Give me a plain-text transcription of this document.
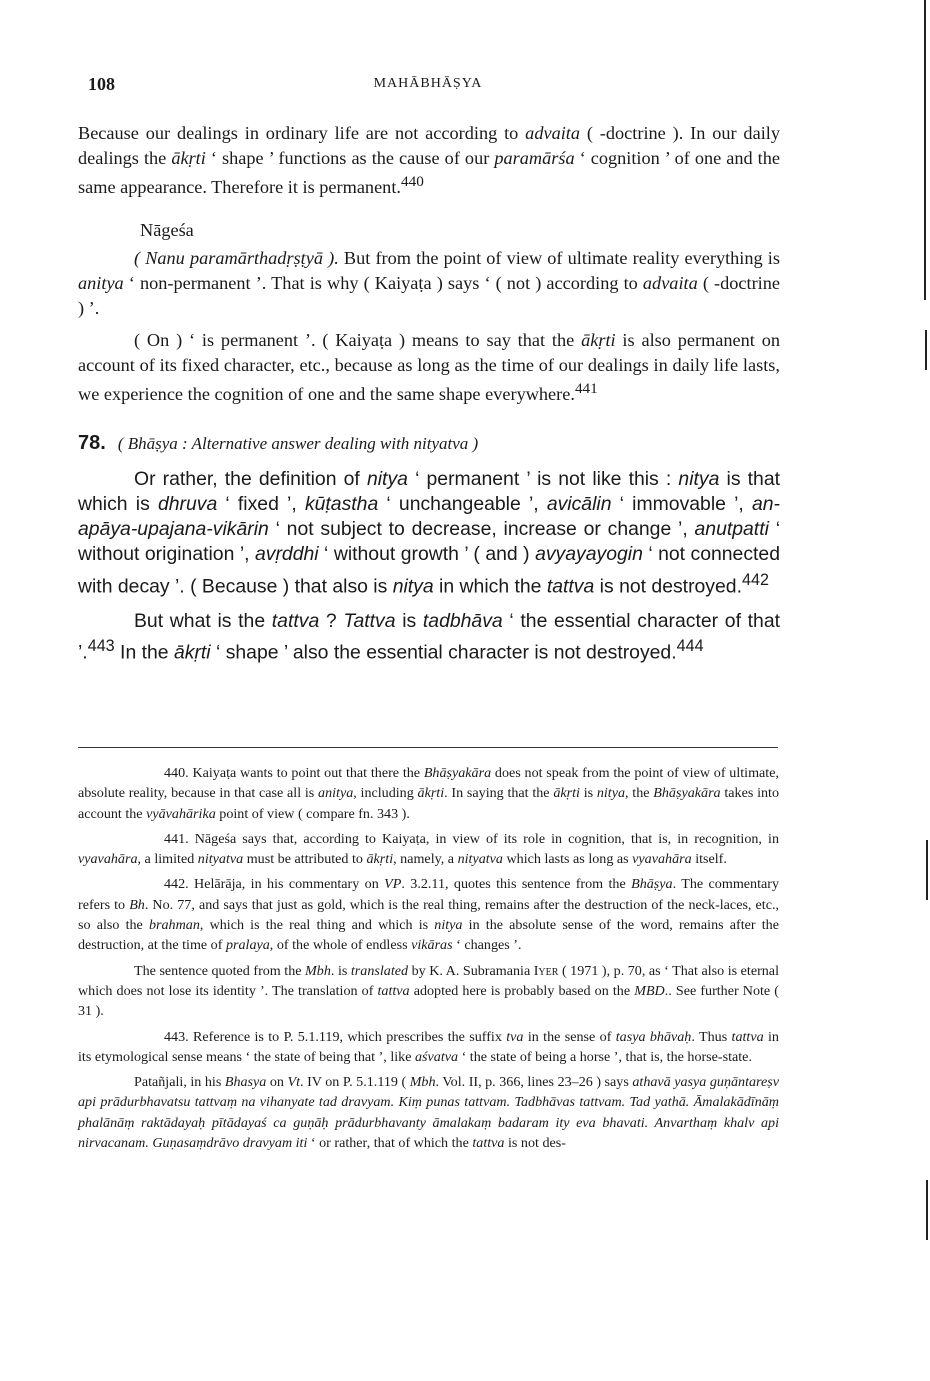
108	MAHĀBHĀṢYA

Because our dealings in ordinary life are not according to advaita ( -doctrine ). In our daily dealings the ākṛti ‘ shape ’ functions as the cause of our paramārśa ‘ cognition ’ of one and the same appearance. Therefore it is permanent.$^{440}$

Nāgeśa

( Nanu paramārthadṛṣṭyā ). But from the point of view of ultimate reality everything is anitya ‘ non-permanent ’. That is why ( Kaiyaṭa ) says ‘ ( not ) according to advaita ( -doctrine ) ’.

( On ) ‘ is permanent ’. ( Kaiyaṭa ) means to say that the ākṛti is also permanent on account of its fixed character, etc., because as long as the time of our dealings in daily life lasts, we experience the cognition of one and the same shape everywhere.$^{441}$

78. ( Bhāṣya : Alternative answer dealing with nityatva )

Or rather, the definition of nitya ‘ permanent ’ is not like this : nitya is that which is dhruva ‘ fixed ’, kūṭastha ‘ unchangeable ’, avicālin ‘ immovable ’, an-apāya-upajana-vikārin ‘ not subject to decrease, increase or change ’, anutpatti ‘ without origination ’, avṛddhi ‘ without growth ’ ( and ) avyayayogin ‘ not connected with decay ’. ( Because ) that also is nitya in which the tattva is not destroyed.$^{442}$

But what is the tattva ? Tattva is tadbhāva ‘ the essential character of that ’.$^{443}$ In the ākṛti ‘ shape ’ also the essential character is not destroyed.$^{444}$

440. Kaiyaṭa wants to point out that there the Bhāṣyakāra does not speak from the point of view of ultimate, absolute reality, because in that case all is anitya, including ākṛti. In saying that the ākṛti is nitya, the Bhāṣyakāra takes into account the vyāvahārika point of view ( compare fn. 343 ).

441. Nāgeśa says that, according to Kaiyaṭa, in view of its role in cognition, that is, in recognition, in vyavahāra, a limited nityatva must be attributed to ākṛti, namely, a nityatva which lasts as long as vyavahāra itself.

442. Helārāja, in his commentary on VP. 3.2.11, quotes this sentence from the Bhāṣya. The commentary refers to Bh. No. 77, and says that just as gold, which is the real thing, remains after the destruction of the neck-laces, etc., so also the brahman, which is the real thing and which is nitya in the absolute sense of the word, remains after the destruction, at the time of pralaya, of the whole of endless vikāras ‘ changes ’.

The sentence quoted from the Mbh. is translated by K. A. Subramania Iyer ( 1971 ), p. 70, as ‘ That also is eternal which does not lose its identity ’. The translation of tattva adopted here is probably based on the MBD.. See further Note ( 31 ).

443. Reference is to P. 5.1.119, which prescribes the suffix tva in the sense of tasya bhāvaḥ. Thus tattva in its etymological sense means ‘ the state of being that ’, like aśvatva ‘ the state of being a horse ’, that is, the horse-state.

Patañjali, in his Bhasya on Vt. IV on P. 5.1.119 ( Mbh. Vol. II, p. 366, lines 23–26 ) says athavā yasya guṇāntareṣv api prādurbhavatsu tattvaṃ na vihanyate tad dravyam. Kiṃ punas tattvam. Tadbhāvas tattvam. Tad yathā. Āmalakādīnāṃ phalānāṃ raktādayaḥ pītādayaś ca guṇāḥ prādurbhavanty āmalakaṃ badaram ity eva bhavati. Anvarthaṃ khalv api nirvacanam. Guṇasaṃdrāvo dravyam iti ‘ or rather, that of which the tattva is not des-
